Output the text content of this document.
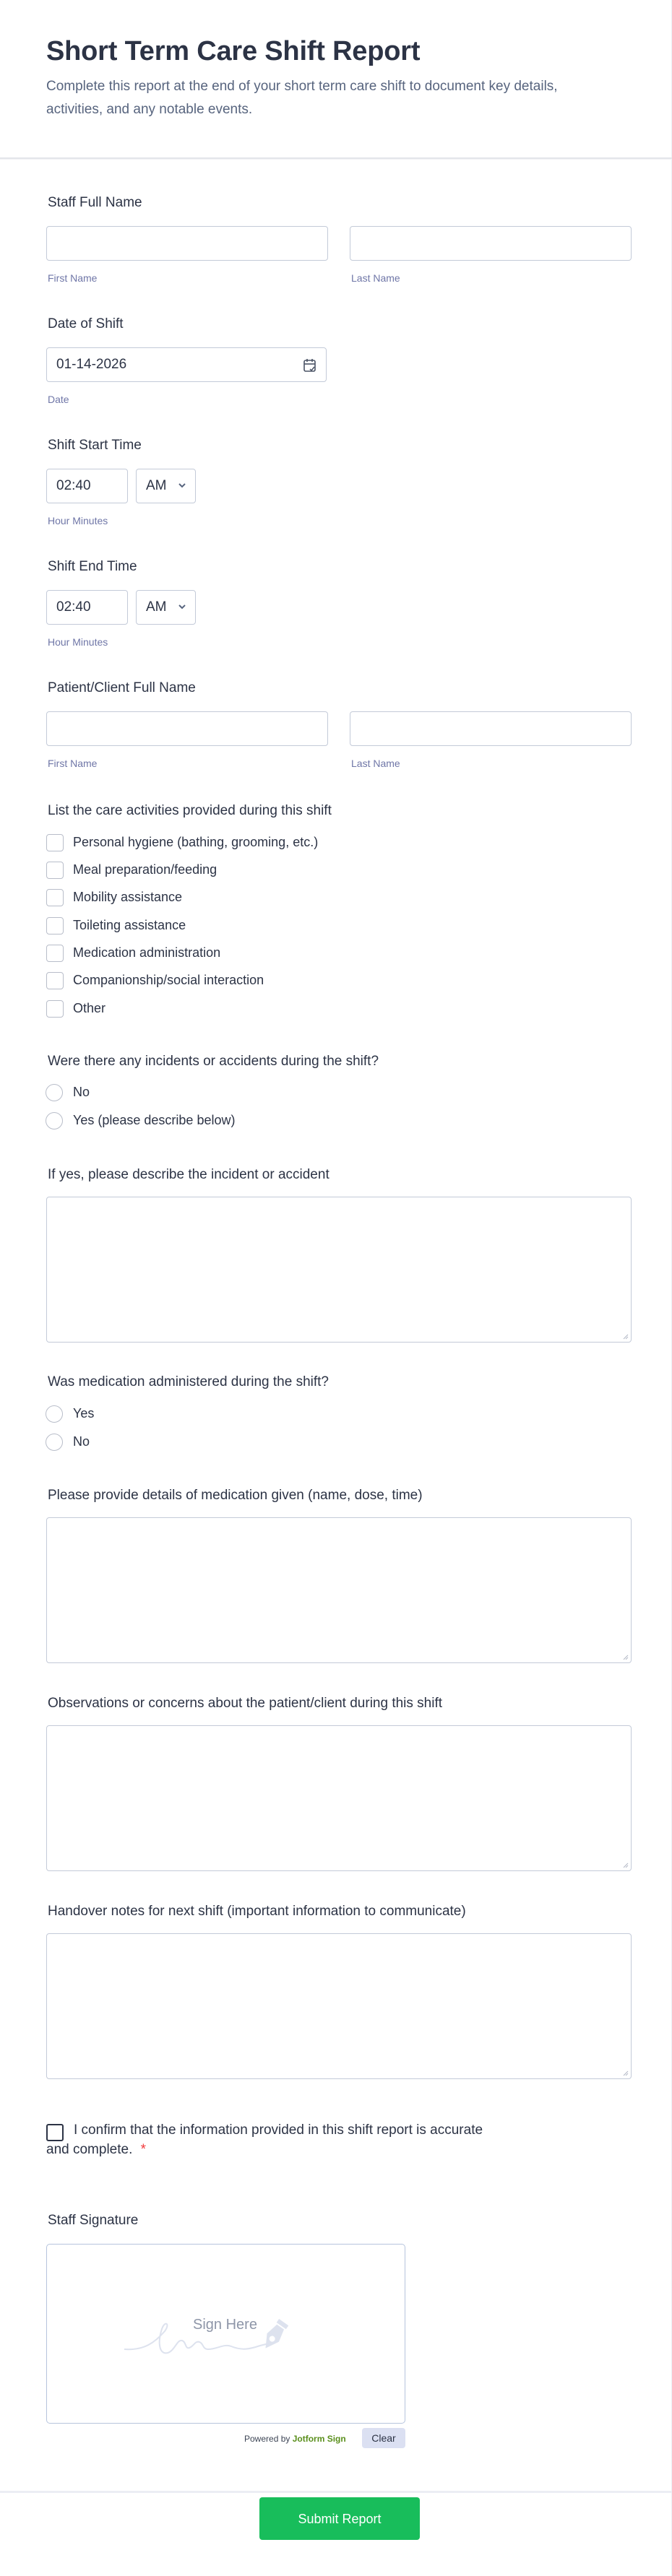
Short Term Care Shift Report
Complete this report at the end of your short term care shift to document key details, activities, and any notable events.
Staff Full Name
First Name	Last Name
Date of Shift
01-14-2026
Date
Shift Start Time
02:40	AM
Hour Minutes
Shift End Time
02:40	AM
Hour Minutes
Patient/Client Full Name
First Name	Last Name
List the care activities provided during this shift
Personal hygiene (bathing, grooming, etc.)
Meal preparation/feeding
Mobility assistance
Toileting assistance
Medication administration
Companionship/social interaction
Other
Were there any incidents or accidents during the shift?
No
Yes (please describe below)
If yes, please describe the incident or accident
Was medication administered during the shift?
Yes
No
Please provide details of medication given (name, dose, time)
Observations or concerns about the patient/client during this shift
Handover notes for next shift (important information to communicate)
I confirm that the information provided in this shift report is accurate
and complete. *
Staff Signature
Sign Here
Powered by Jotform Sign	Clear
Submit Report
